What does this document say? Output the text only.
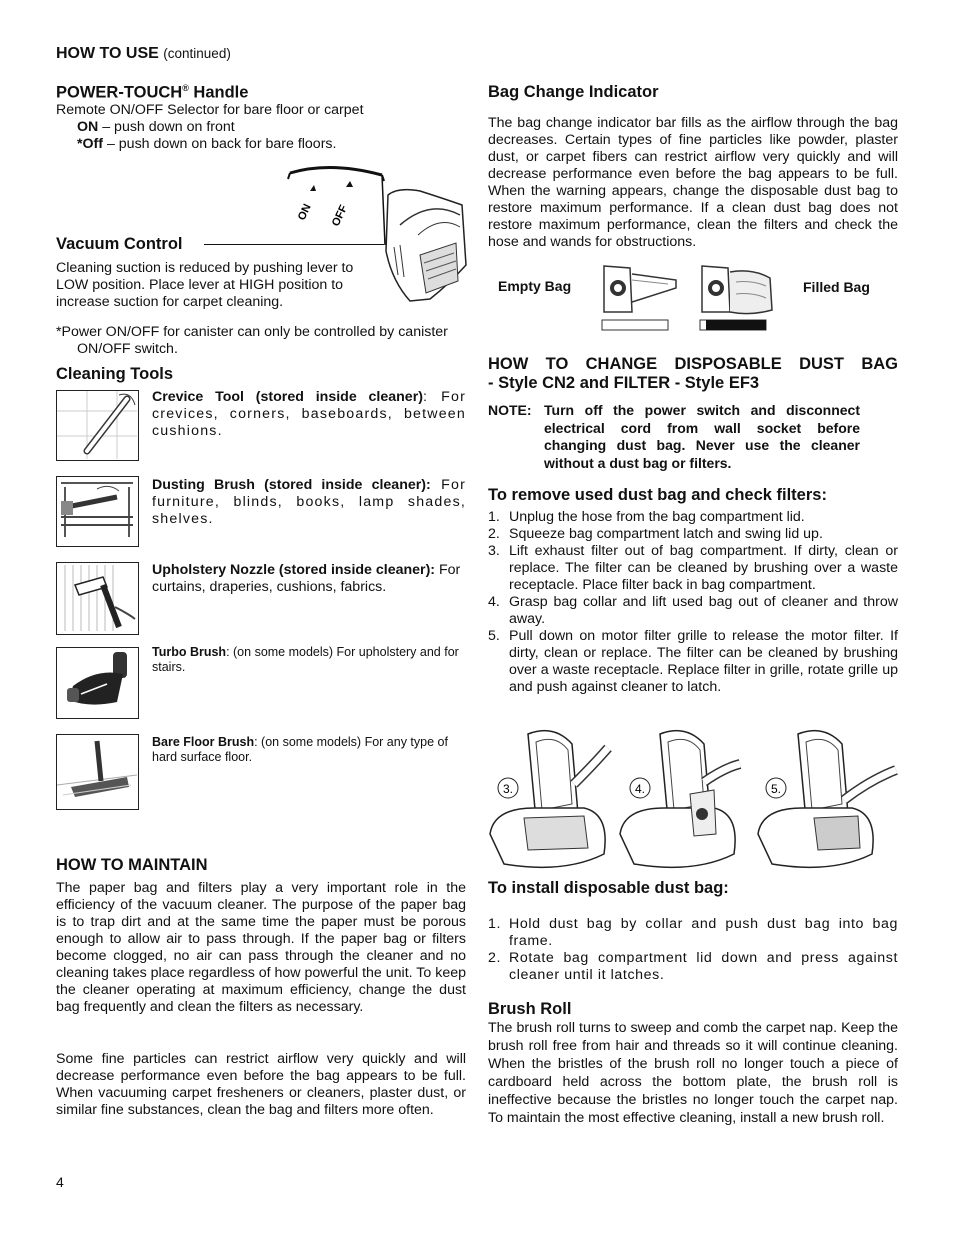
HOW TO USE (continued)
POWER-TOUCH® Handle
Remote ON/OFF Selector for bare floor or carpet
ON – push down on front
*Off – push down on back for bare floors.
ON OFF
Vacuum Control
Cleaning suction is reduced by pushing lever to LOW position. Place lever at HIGH position to increase suction for carpet cleaning.
*Power ON/OFF for canister can only be controlled by canister ON/OFF switch.
Cleaning Tools
Crevice Tool (stored inside cleaner): For crevices, corners, baseboards, between cushions.
Dusting Brush (stored inside cleaner): For furniture, blinds, books, lamp shades, shelves.
Upholstery Nozzle (stored inside cleaner): For curtains, draperies, cushions, fabrics.
Turbo Brush: (on some models) For upholstery and for stairs.
Bare Floor Brush: (on some models) For any type of hard surface floor.
HOW TO MAINTAIN
The paper bag and filters play a very important role in the efficiency of the vacuum cleaner. The purpose of the paper bag is to trap dirt and at the same time the paper must be porous enough to allow air to pass through. If the paper bag or filters become clogged, no air can pass through the cleaner and no cleaning takes place regardless of how powerful the unit. To keep the cleaner operating at maximum efficiency, change the dust bag frequently and clean the filters as necessary.
Some fine particles can restrict airflow very quickly and will decrease performance even before the bag appears to be full. When vacuuming carpet fresheners or cleaners, plaster dust, or similar fine substances, clean the bag and filters more often.
4
Bag Change Indicator
The bag change indicator bar fills as the airflow through the bag decreases. Certain types of fine particles like powder, plaster dust, or carpet fibers can restrict airflow very quickly and will decrease performance even before the bag appears to be full. When the warning appears, change the disposable dust bag to restore maximum performance. If a clean dust bag does not restore maximum performance, clean the filters and check the hose and wands for obstructions.
Empty Bag	Filled Bag
HOW TO CHANGE DISPOSABLE DUST BAG
- Style CN2 and FILTER - Style EF3
NOTE: Turn off the power switch and disconnect electrical cord from wall socket before changing dust bag. Never use the cleaner without a dust bag or filters.
To remove used dust bag and check filters:
1. Unplug the hose from the bag compartment lid.
2. Squeeze bag compartment latch and swing lid up.
3. Lift exhaust filter out of bag compartment. If dirty, clean or replace. The filter can be cleaned by brushing over a waste receptacle. Place filter back in bag compartment.
4. Grasp bag collar and lift used bag out of cleaner and throw away.
5. Pull down on motor filter grille to release the motor filter. If dirty, clean or replace. The filter can be cleaned by brushing over a waste receptacle. Replace filter in grille, rotate grille up and push against cleaner to latch.
3.	4.	5.
To install disposable dust bag:
1. Hold dust bag by collar and push dust bag into bag frame.
2. Rotate bag compartment lid down and press against cleaner until it latches.
Brush Roll
The brush roll turns to sweep and comb the carpet nap. Keep the brush roll free from hair and threads so it will continue cleaning. When the bristles of the brush roll no longer touch a piece of cardboard held across the bottom plate, the brush roll is ineffective because the bristles no longer touch the carpet nap. To maintain the most effective cleaning, install a new brush roll.
